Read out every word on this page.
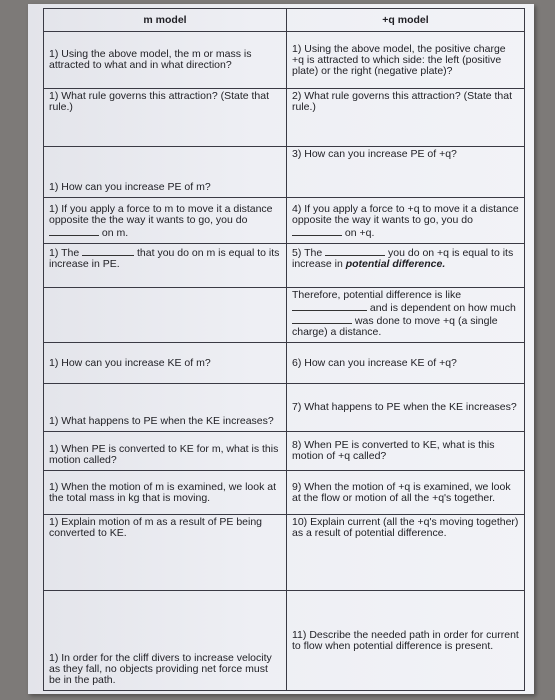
m model	+q model
1) Using the above model, the m or mass is attracted to what and in what direction?	1) Using the above model, the positive charge +q is attracted to which side: the left (positive plate) or the right (negative plate)?
1) What rule governs this attraction? (State that rule.)	2) What rule governs this attraction? (State that rule.)
1) How can you increase PE of m?	3) How can you increase PE of +q?
1) If you apply a force to m to move it a distance opposite the the way it wants to go, you do  on m.	4) If you apply a force to +q to move it a distance opposite the way it wants to go, you do  on +q.
1) The that you do on m is equal to its increase in PE.	5) The you do on +q is equal to its increase in potential difference.
	Therefore, potential difference is like  and is dependent on how much  was done to move +q (a single charge) a distance.
1) How can you increase KE of m?	6) How can you increase KE of +q?
1) What happens to PE when the KE increases?	7) What happens to PE when the KE increases?
1) When PE is converted to KE for m, what is this motion called?	8) When PE is converted to KE, what is this motion of +q called?
1) When the motion of m is examined, we look at the total mass in kg that is moving.	9) When the motion of +q is examined, we look at the flow or motion of all the +q's together.
1) Explain motion of m as a result of PE being converted to KE.	10) Explain current (all the +q's moving together) as a result of potential difference.
1) In order for the cliff divers to increase velocity as they fall, no objects providing net force must be in the path.	11) Describe the needed path in order for current to flow when potential difference is present.
